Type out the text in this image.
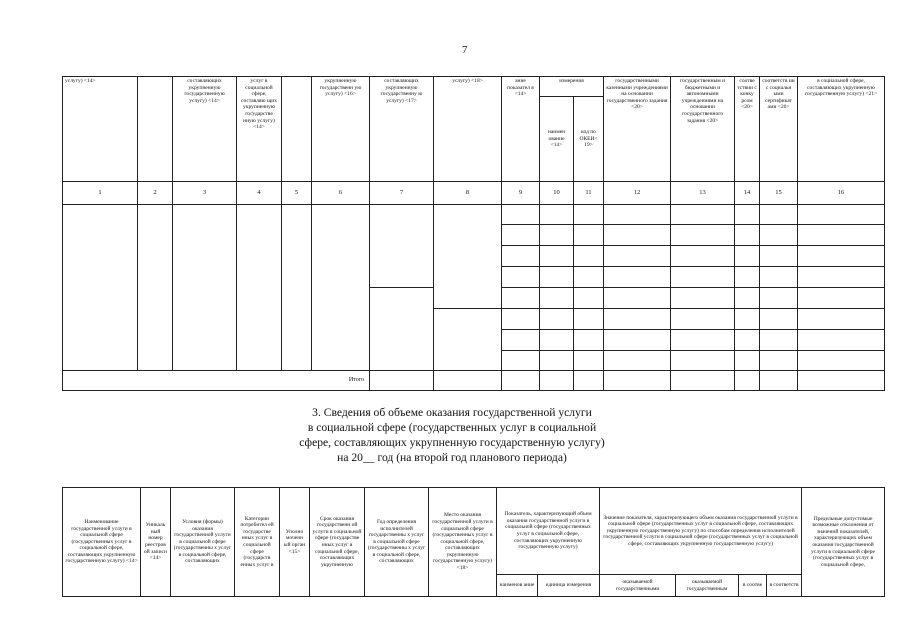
7
услугу) <14>		составляющих укрупненную государственную услугу) <14>	услуг в социальной сфере, составляю щих укрупненную государстве нную услугу) <14>		укрупненную государственн ую услугу) <16>	составляющих укрупненную государственну ю услугу) <17>	услугу) <18>	ание показател я <14>	измерения		государственными казенными учреждениями на основании государственного задания <20>	государственным и бюджетными и автономными учреждениями на основании государственного задания <20>	соотве тствии с конку рсом <20>	соответств ии с социальн ыми сертификат ами <20>	в социальной сфере, составляющих укрупненную государственную услугу) <21>
									наимен ование <14>	код по ОКЕИ< 19>					
1	2	3	4	5	6	7	8	9	10	11	12	13	14	15	16

Итого															
3. Сведения об объеме оказания государственной услуги
в социальной сфере (государственных услуг в социальной
сфере, составляющих укрупненную государственную услугу)
на 20__ год (на второй год планового периода)
Наименование государственной услуги в социальной сфере (государственных услуг в социальной сфере, составляющих укрупненную государственную услугу) <14>	Уникаль ный номер реестров ой записи <14>	Условия (формы) оказания государственной услуги в социальной сфере (государственны х услуг в социальной сфере, составляющих	Категории потребител ей государстве нных услуг в социальной сфере (государств енных услуг в	Уполно моченн ый орган <15>	Срок оказания государственн ой услуги в социальной сфере (государстве нных услуг в социальной сфере, составляющих укрупненную	Год определения исполнителей государственны х услуг в социальной сфере (государственны х услуг в социальной сфере, составляющих	Место оказания государственной услуги в социальной сфере (государственных услуг в социальной сфере, составляющих укрупненную государственную услугу) <18>	Показатель, характеризующий объем оказания государственной услуги в социальной сфере (государственных услуг в социальной сфере, составляющих укрупненную государственную услугу)		Значение показателя, характеризующего объем оказания государственной услуги в социальной сфере (государственных услуг в социальной сфере, составляющих укрупненную государственную услугу) по способам определения исполнителей государственной услуги в социальной сфере (государственных услуг в социальной сфере, составляющих укрупненную государственную услугу)				Предельные допустимые возможные отклонения от значений показателей, характеризующих объем оказания государственной услуги в социальной сфере (государственных услуг в социальной сфере,
								наименов ание	единица измерения	оказываемой государственными	оказываемой государственным	в соотве	в соответств	
